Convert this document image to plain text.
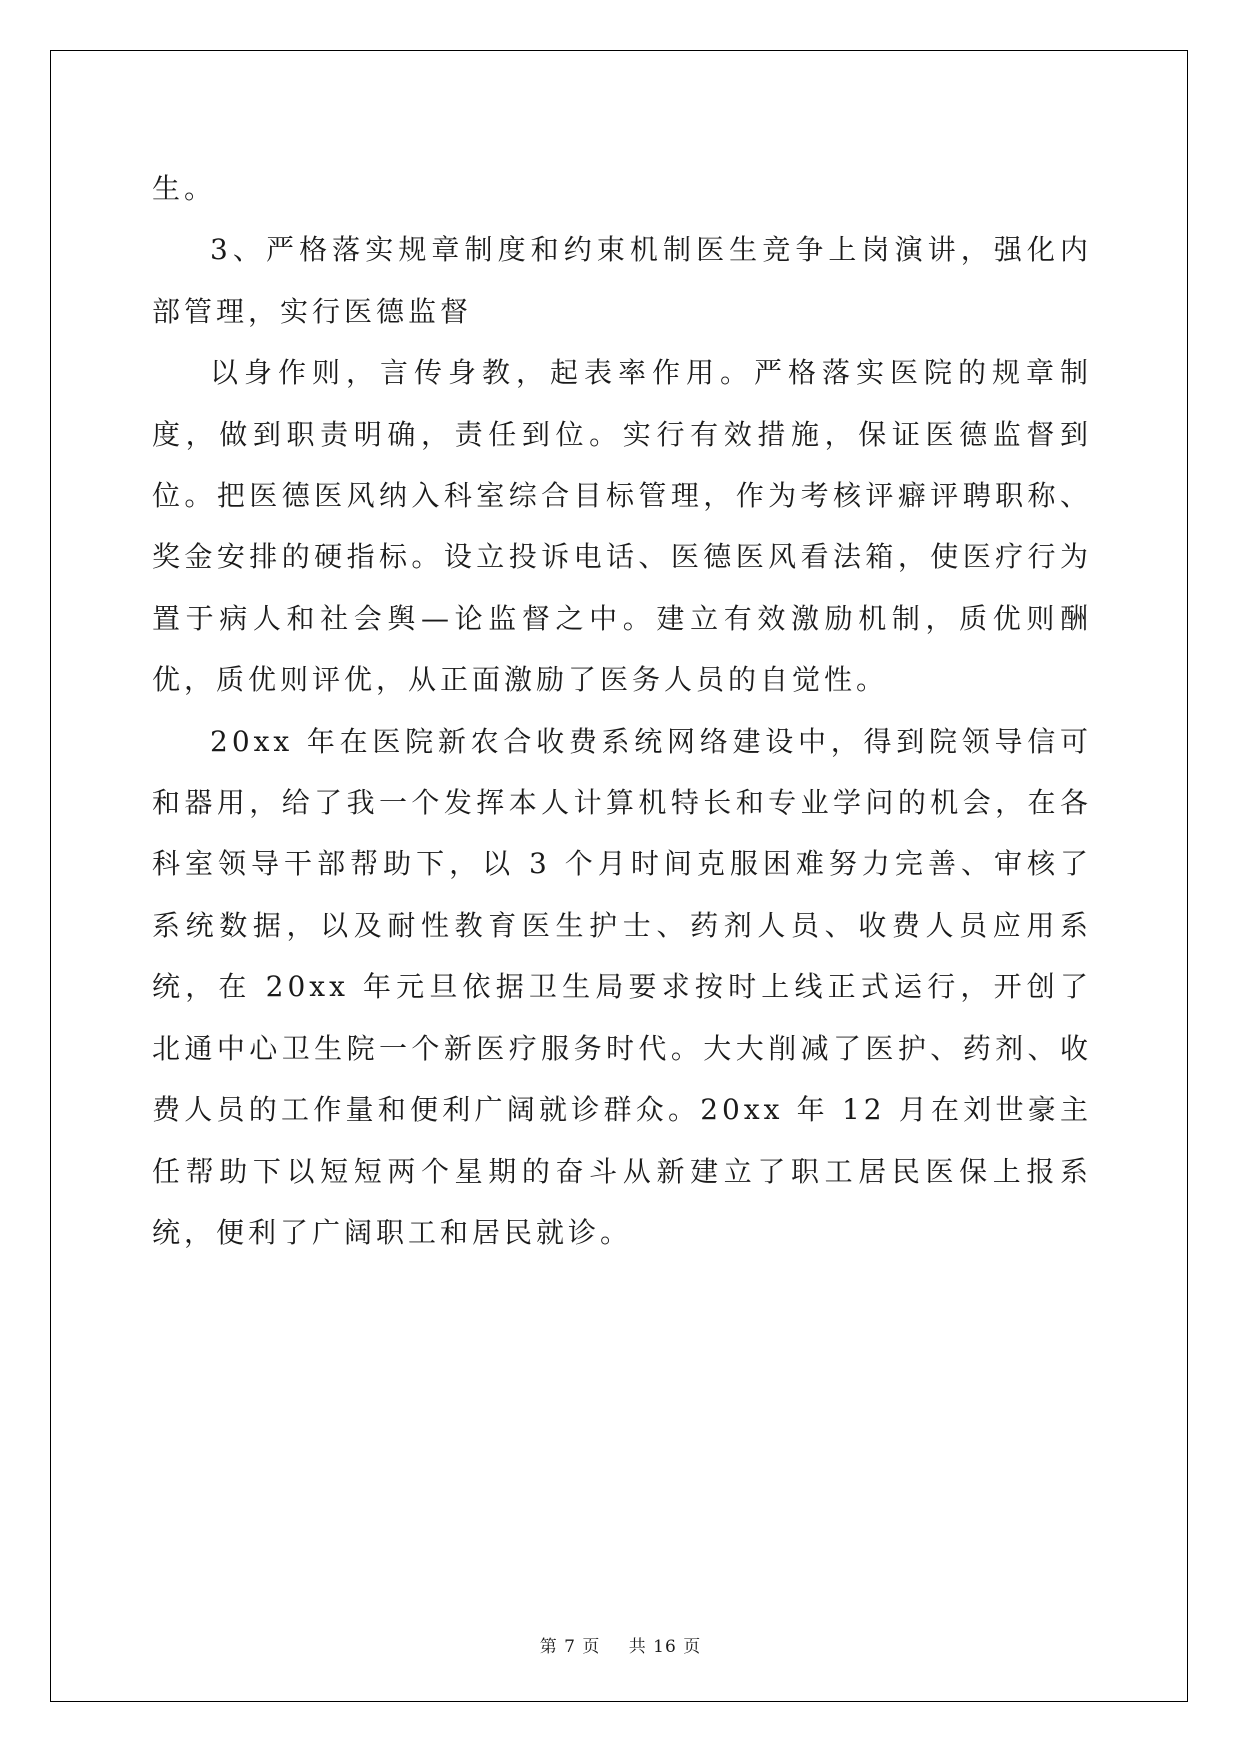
生。

3、严格落实规章制度和约束机制医生竞争上岗演讲，强化内部管理，实行医德监督

以身作则，言传身教，起表率作用。严格落实医院的规章制度，做到职责明确，责任到位。实行有效措施，保证医德监督到位。把医德医风纳入科室综合目标管理，作为考核评癖评聘职称、奖金安排的硬指标。设立投诉电话、医德医风看法箱，使医疗行为置于病人和社会舆—论监督之中。建立有效激励机制，质优则酬优，质优则评优，从正面激励了医务人员的自觉性。

20xx 年在医院新农合收费系统网络建设中，得到院领导信可和器用，给了我一个发挥本人计算机特长和专业学问的机会，在各科室领导干部帮助下，以 3 个月时间克服困难努力完善、审核了系统数据，以及耐性教育医生护士、药剂人员、收费人员应用系统，在 20xx 年元旦依据卫生局要求按时上线正式运行，开创了北通中心卫生院一个新医疗服务时代。大大削减了医护、药剂、收费人员的工作量和便利广阔就诊群众。20xx 年 12 月在刘世豪主任帮助下以短短两个星期的奋斗从新建立了职工居民医保上报系统，便利了广阔职工和居民就诊。

第 7 页 共 16 页
